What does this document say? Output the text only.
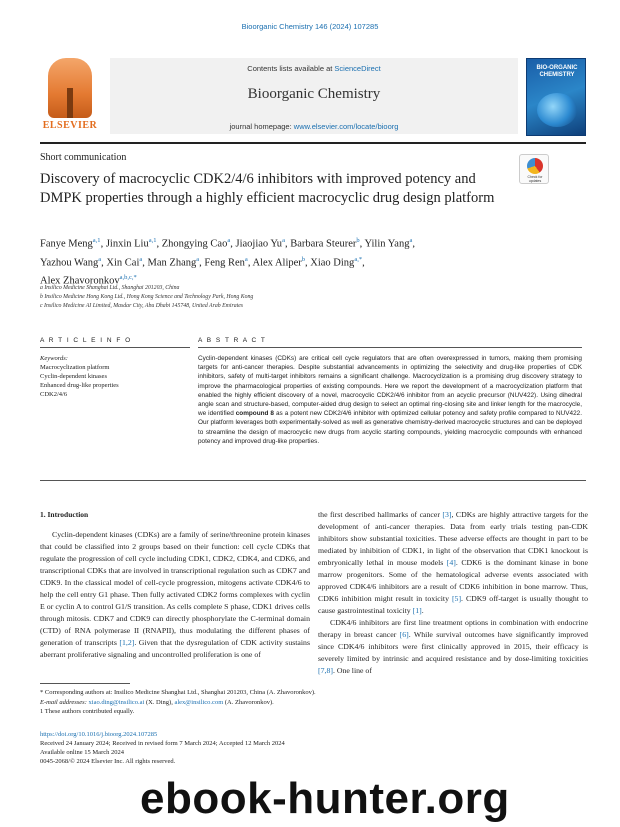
Bioorganic Chemistry 146 (2024) 107285
ELSEVIER
Contents lists available at ScienceDirect
Bioorganic Chemistry
journal homepage: www.elsevier.com/locate/bioorg
BIO-ORGANIC CHEMISTRY
Short communication
Discovery of macrocyclic CDK2/4/6 inhibitors with improved potency and DMPK properties through a highly efficient macrocyclic drug design platform
Check for updates
Fanye Meng$^{a,1}$, Jinxin Liu$^{a,1}$, Zhongying Cao$^a$, Jiaojiao Yu$^a$, Barbara Steurer$^b$, Yilin Yang$^a$,
Yazhou Wang$^a$, Xin Cai$^a$, Man Zhang$^a$, Feng Ren$^a$, Alex Aliper$^b$, Xiao Ding$^{a,*}$,
Alex Zhavoronkov$^{a,b,c,*}$
a Insilico Medicine Shanghai Ltd., Shanghai 201203, China
b Insilico Medicine Hong Kong Ltd., Hong Kong Science and Technology Park, Hong Kong
c Insilico Medicine AI Limited, Masdar City, Abu Dhabi 145748, United Arab Emirates
A R T I C L E I N F O	A B S T R A C T
Keywords:
Macrocyclization platform
Cyclin-dependent kinases
Enhanced drug-like properties
CDK2/4/6
Cyclin-dependent kinases (CDKs) are critical cell cycle regulators that are often overexpressed in tumors, making them promising targets for anti-cancer therapies. Despite substantial advancements in optimizing the selectivity and drug-like properties of CDK inhibitors, safety of multi-target inhibitors remains a significant challenge. Macrocyclization is a promising drug discovery strategy to improve the pharmacological properties of existing compounds. Here we report the development of a macrocyclization platform that enabled the highly efficient discovery of a novel, macrocyclic CDK2/4/6 inhibitor from an acyclic precursor (NUV422). Using dihedral angle scan and structure-based, computer-aided drug design to select an optimal ring-closing site and linker length for the macrocycle, we identified compound 8 as a potent new CDK2/4/6 inhibitor with optimized cellular potency and safety profile compared to NUV422. Our platform leverages both experimentally-solved as well as generative chemistry-derived macrocyclic structures and can be deployed to streamline the design of macrocyclic new drugs from acyclic starting compounds, yielding macrocyclic compounds with enhanced potency and improved drug-like properties.
1. Introduction

Cyclin-dependent kinases (CDKs) are a family of serine/threonine protein kinases that could be classified into 2 groups based on their function: cell cycle CDKs that regulate the progression of cell cycle including CDK1, CDK2, CDK4, and CDK6, and transcriptional CDKs that are involved in transcriptional regulation such as CDK7 and CDK9. In the classical model of cell-cycle progression, mitogens activate CDK4/6 to help the cell entry G1 phase. Then fully activated CDK2 forms complexes with cyclin E or cyclin A to control G1/S transition. As cells complete S phase, CDK1 drives cells through mitosis. CDK7 and CDK9 can directly phosphorylate the C-terminal domain (CTD) of RNA polymerase II (RNAPII), thus modulating the different phases of generation of transcripts [1,2]. Given that the dysregulation of CDK activity sustains aberrant proliferative signaling and uncontrolled proliferation is one of

the first described hallmarks of cancer [3], CDKs are highly attractive targets for the development of anti-cancer therapies. Data from early trials testing pan-CDK inhibitors show substantial toxicities. These adverse effects are thought in part to be mediated by inhibition of CDK1, in light of the observation that CDK1 knockout is embryonically lethal in mouse models [4]. CDK6 is the dominant kinase in bone marrow progenitors. Some of the hematological adverse events associated with approved CDK4/6 inhibitors are a result of CDK6 inhibition in bone marrow. Thus, CDK6 inhibition might result in toxicity [5]. CDK9 off-target is usually thought to cause gastrointestinal toxicity [1].

CDK4/6 inhibitors are first line treatment options in combination with endocrine therapy in breast cancer [6]. While survival outcomes have significantly improved since CDK4/6 inhibitors were first clinically approved in 2015, their efficacy is severely limited by intrinsic and acquired resistance and by dose-limiting toxicities [7,8]. One line of

* Corresponding authors at: Insilico Medicine Shanghai Ltd., Shanghai 201203, China (A. Zhavoronkov).
E-mail addresses: xiao.ding@insilico.ai (X. Ding), alex@insilico.com (A. Zhavoronkov).
1 These authors contributed equally.
https://doi.org/10.1016/j.bioorg.2024.107285
Received 24 January 2024; Received in revised form 7 March 2024; Accepted 12 March 2024
Available online 15 March 2024
0045-2068/© 2024 Elsevier Inc. All rights reserved.
ebook-hunter.org
